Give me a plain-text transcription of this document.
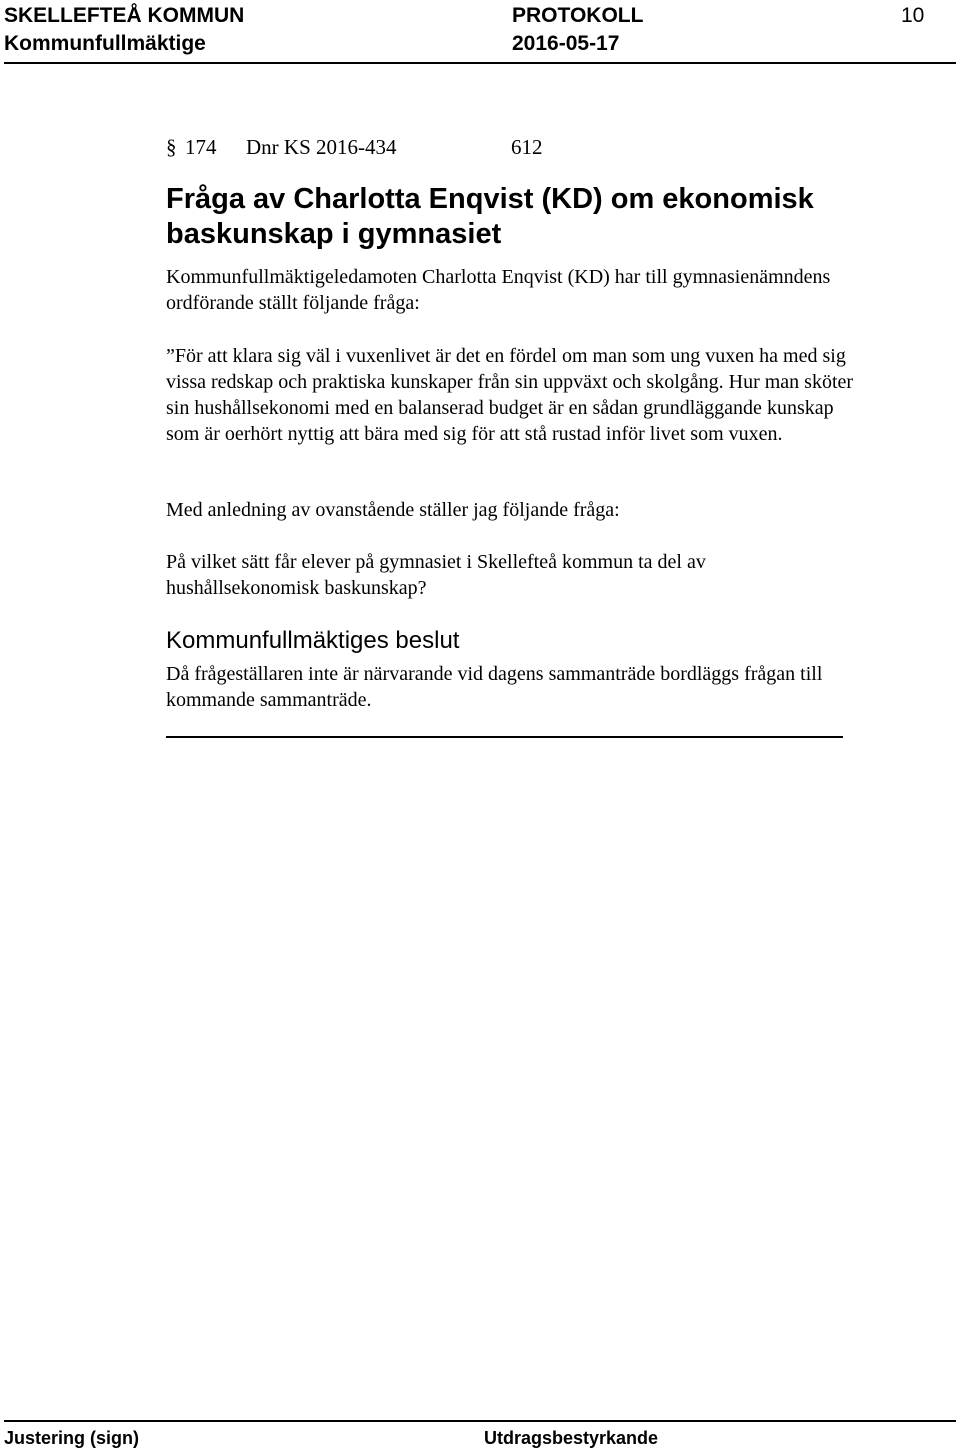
SKELLEFTEÅ KOMMUN
Kommunfullmäktige
PROTOKOLL
2016-05-17
10
§ 174 Dnr KS 2016-434	612
Fråga av Charlotta Enqvist (KD) om ekonomisk baskunskap i gymnasiet
Kommunfullmäktigeledamoten Charlotta Enqvist (KD) har till gymnasienämndens ordförande ställt följande fråga:
”För att klara sig väl i vuxenlivet är det en fördel om man som ung vuxen ha med sig vissa redskap och praktiska kunskaper från sin uppväxt och skolgång. Hur man sköter sin hushållsekonomi med en balanserad budget är en sådan grundläggande kunskap som är oerhört nyttig att bära med sig för att stå rustad inför livet som vuxen.
Med anledning av ovanstående ställer jag följande fråga:
På vilket sätt får elever på gymnasiet i Skellefteå kommun ta del av hushållsekonomisk baskunskap?
Kommunfullmäktiges beslut
Då frågeställaren inte är närvarande vid dagens sammanträde bordläggs frågan till kommande sammanträde.
Justering (sign)	Utdragsbestyrkande
